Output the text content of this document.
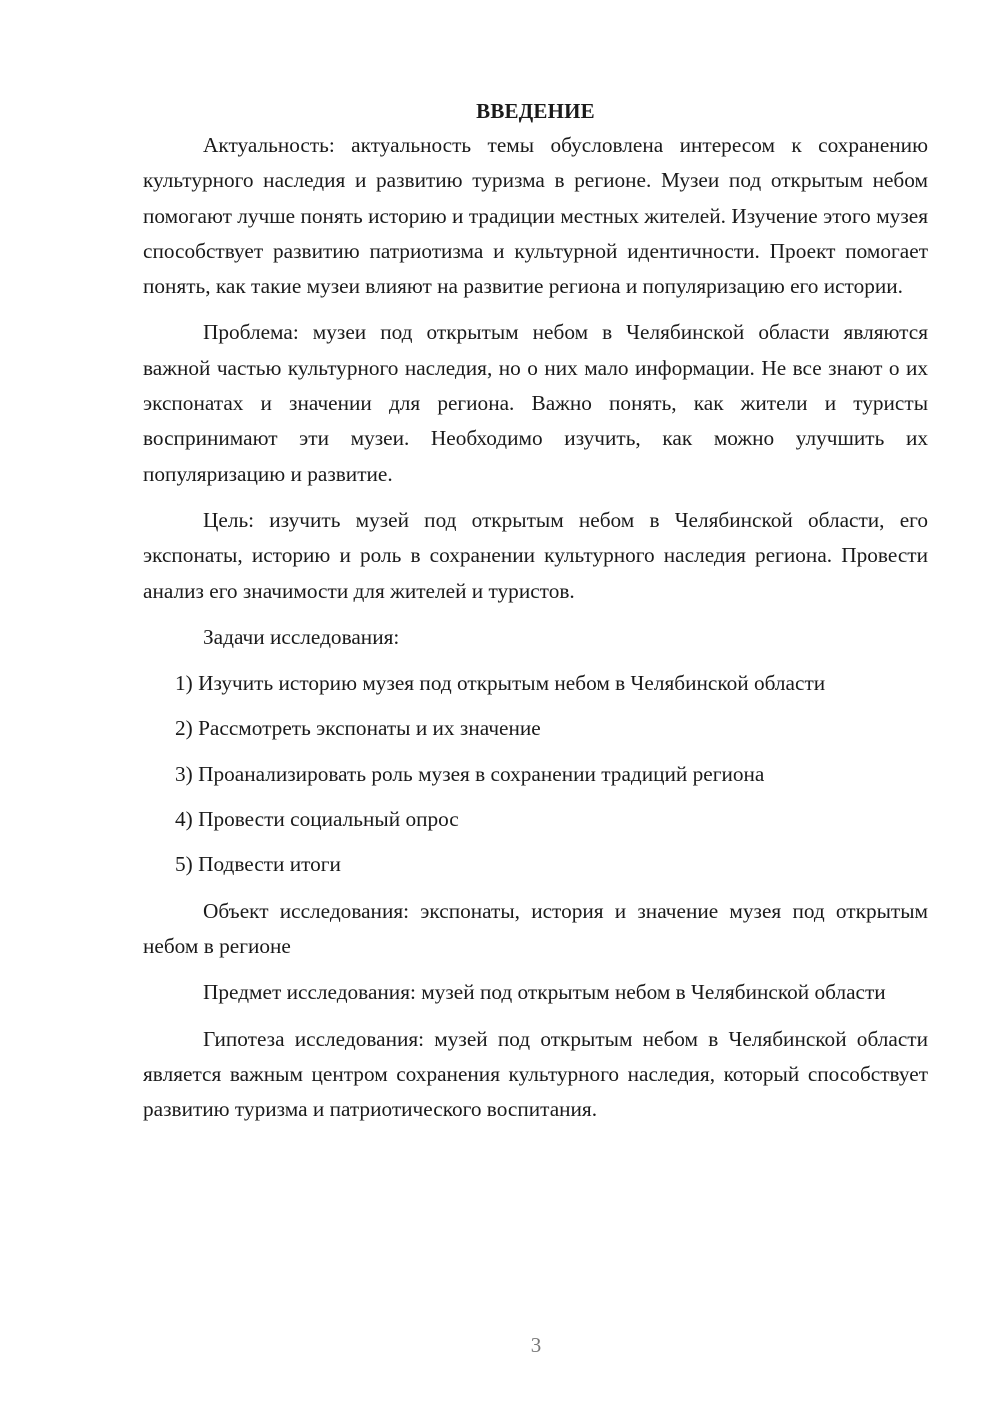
ВВЕДЕНИЕ

Актуальность: актуальность темы обусловлена интересом к сохранению культурного наследия и развитию туризма в регионе. Музеи под открытым небом помогают лучше понять историю и традиции местных жителей. Изучение этого музея способствует развитию патриотизма и культурной идентичности. Проект помогает понять, как такие музеи влияют на развитие региона и популяризацию его истории.

Проблема: музеи под открытым небом в Челябинской области являются важной частью культурного наследия, но о них мало информации. Не все знают о их экспонатах и значении для региона. Важно понять, как жители и туристы воспринимают эти музеи. Необходимо изучить, как можно улучшить их популяризацию и развитие.

Цель: изучить музей под открытым небом в Челябинской области, его экспонаты, историю и роль в сохранении культурного наследия региона. Провести анализ его значимости для жителей и туристов.

Задачи исследования:

1) Изучить историю музея под открытым небом в Челябинской области

2) Рассмотреть экспонаты и их значение

3) Проанализировать роль музея в сохранении традиций региона

4) Провести социальный опрос

5) Подвести итоги

Объект исследования: экспонаты, история и значение музея под открытым небом в регионе

Предмет исследования: музей под открытым небом в Челябинской области

Гипотеза исследования: музей под открытым небом в Челябинской области является важным центром сохранения культурного наследия, который способствует развитию туризма и патриотического воспитания.

3
